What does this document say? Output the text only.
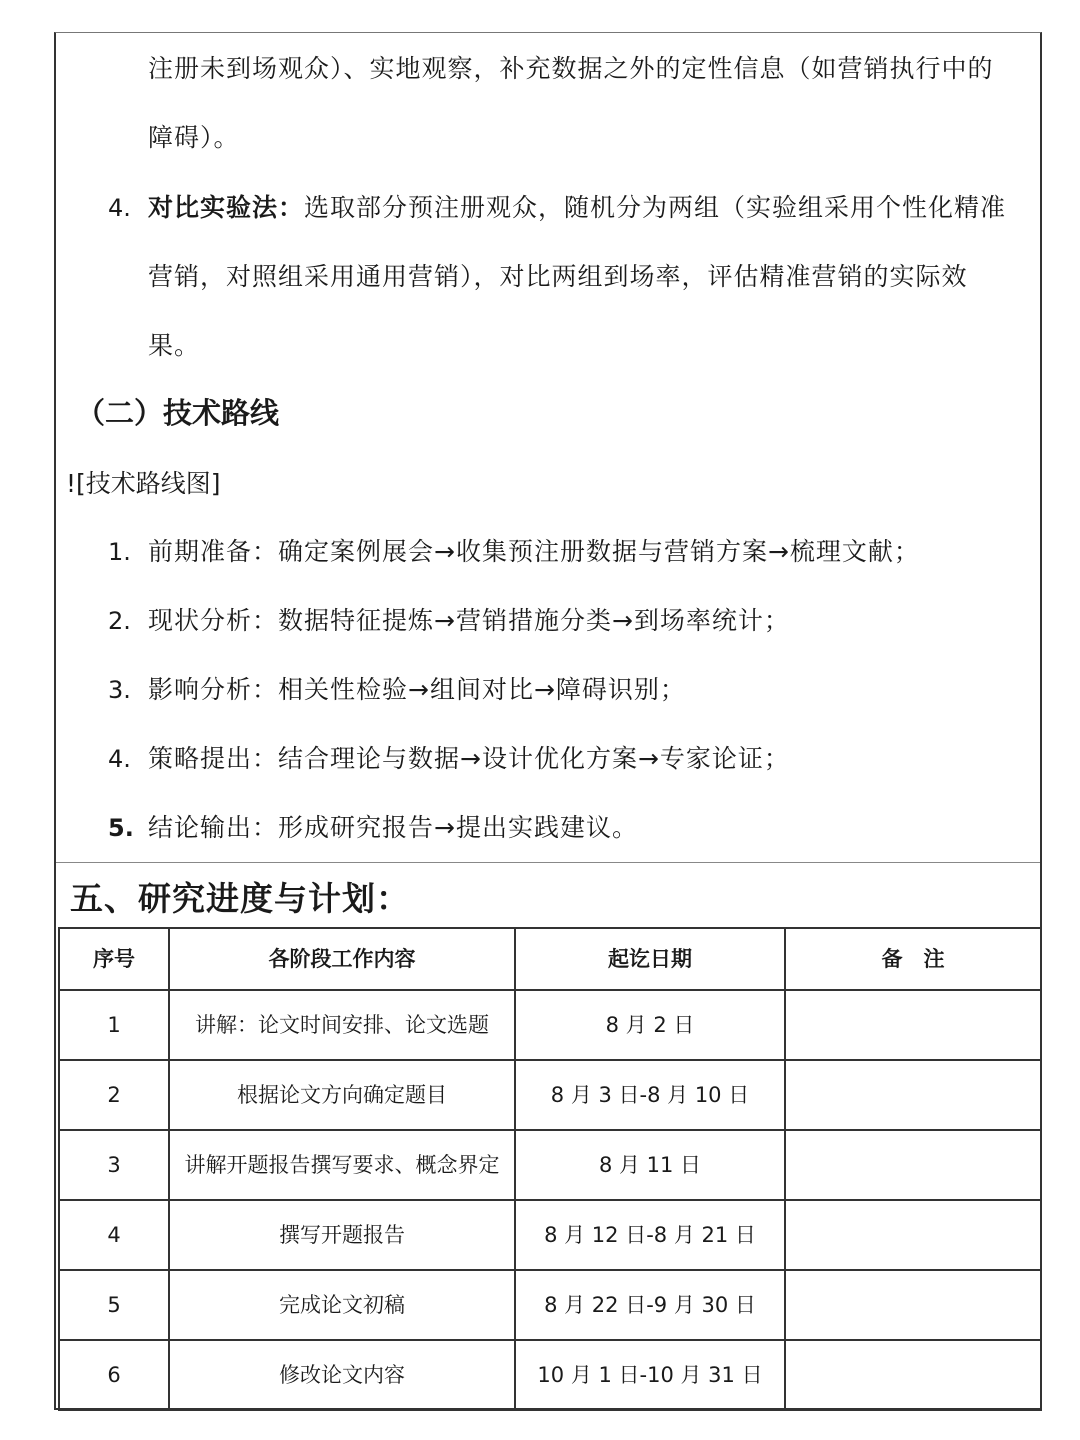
注册未到场观众）、实地观察，补充数据之外的定性信息（如营销执行中的
障碍）。
4. 对比实验法：选取部分预注册观众，随机分为两组（实验组采用个性化精准
营销，对照组采用通用营销），对比两组到场率，评估精准营销的实际效
果。
（二）技术路线
![技术路线图]
1. 前期准备：确定案例展会→收集预注册数据与营销方案→梳理文献；
2. 现状分析：数据特征提炼→营销措施分类→到场率统计；
3. 影响分析：相关性检验→组间对比→障碍识别；
4. 策略提出：结合理论与数据→设计优化方案→专家论证；
5. 结论输出：形成研究报告→提出实践建议。
五、研究进度与计划：
序号	各阶段工作内容	起讫日期	备　注
1	讲解：论文时间安排、论文选题	8 月 2 日	
2	根据论文方向确定题目	8 月 3 日-8 月 10 日	
3	讲解开题报告撰写要求、概念界定	8 月 11 日	
4	撰写开题报告	8 月 12 日-8 月 21 日	
5	完成论文初稿	8 月 22 日-9 月 30 日	
6	修改论文内容	10 月 1 日-10 月 31 日	
